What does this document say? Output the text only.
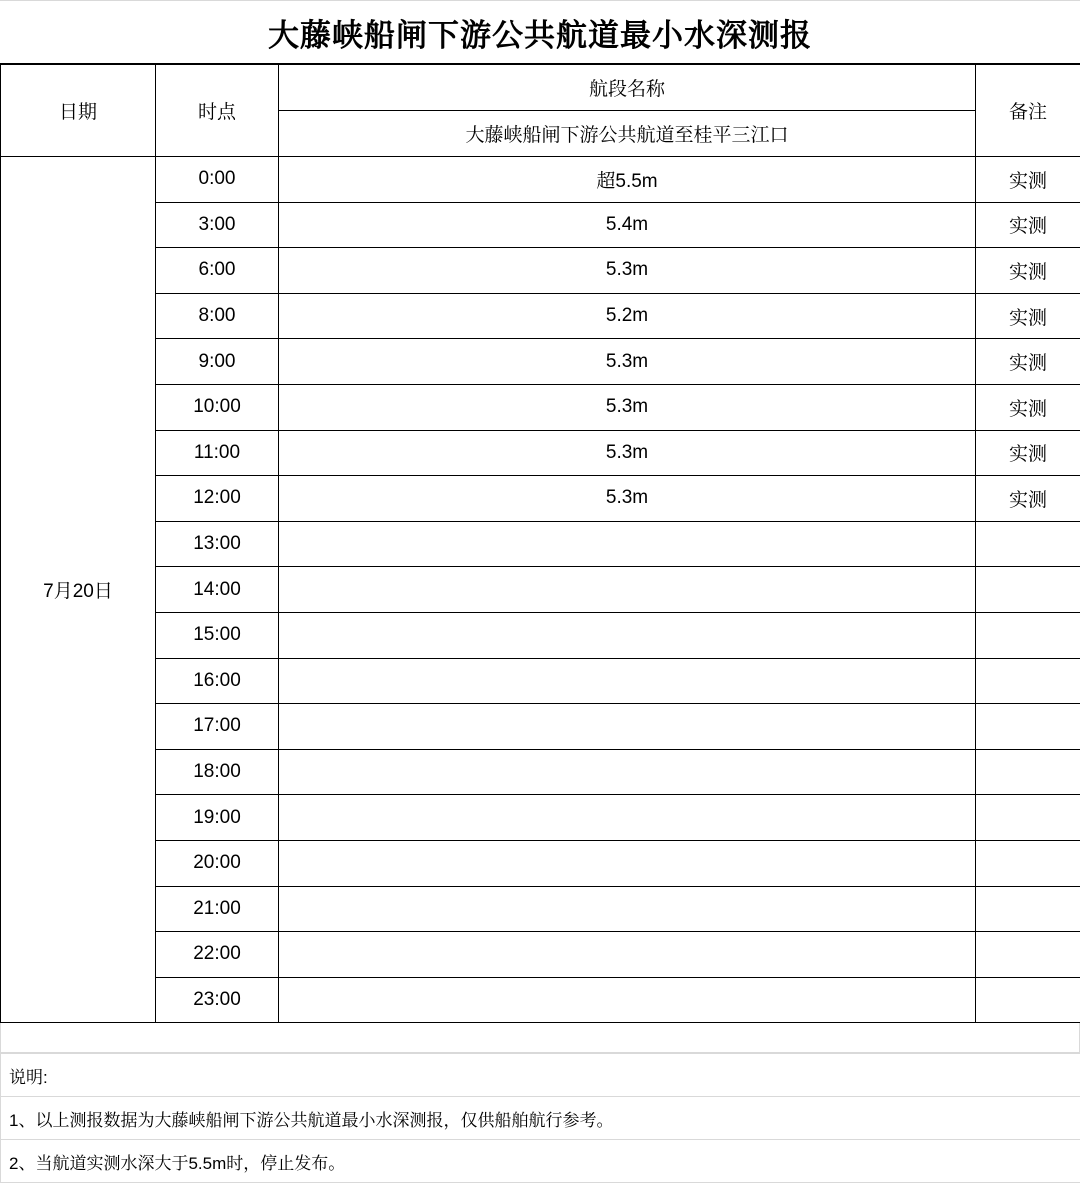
大藤峡船闸下游公共航道最小水深测报
日期	时点	航段名称	备注
		大藤峡船闸下游公共航道至桂平三江口	
7月20日	0:00	超5.5m	实测
	3:00	5.4m	实测
	6:00	5.3m	实测
	8:00	5.2m	实测
	9:00	5.3m	实测
	10:00	5.3m	实测
	11:00	5.3m	实测
	12:00	5.3m	实测
	13:00		
	14:00		
	15:00		
	16:00		
	17:00		
	18:00		
	19:00		
	20:00		
	21:00		
	22:00		
	23:00		
说明:
1、以上测报数据为大藤峡船闸下游公共航道最小水深测报，仅供船舶航行参考。
2、当航道实测水深大于5.5m时，停止发布。
